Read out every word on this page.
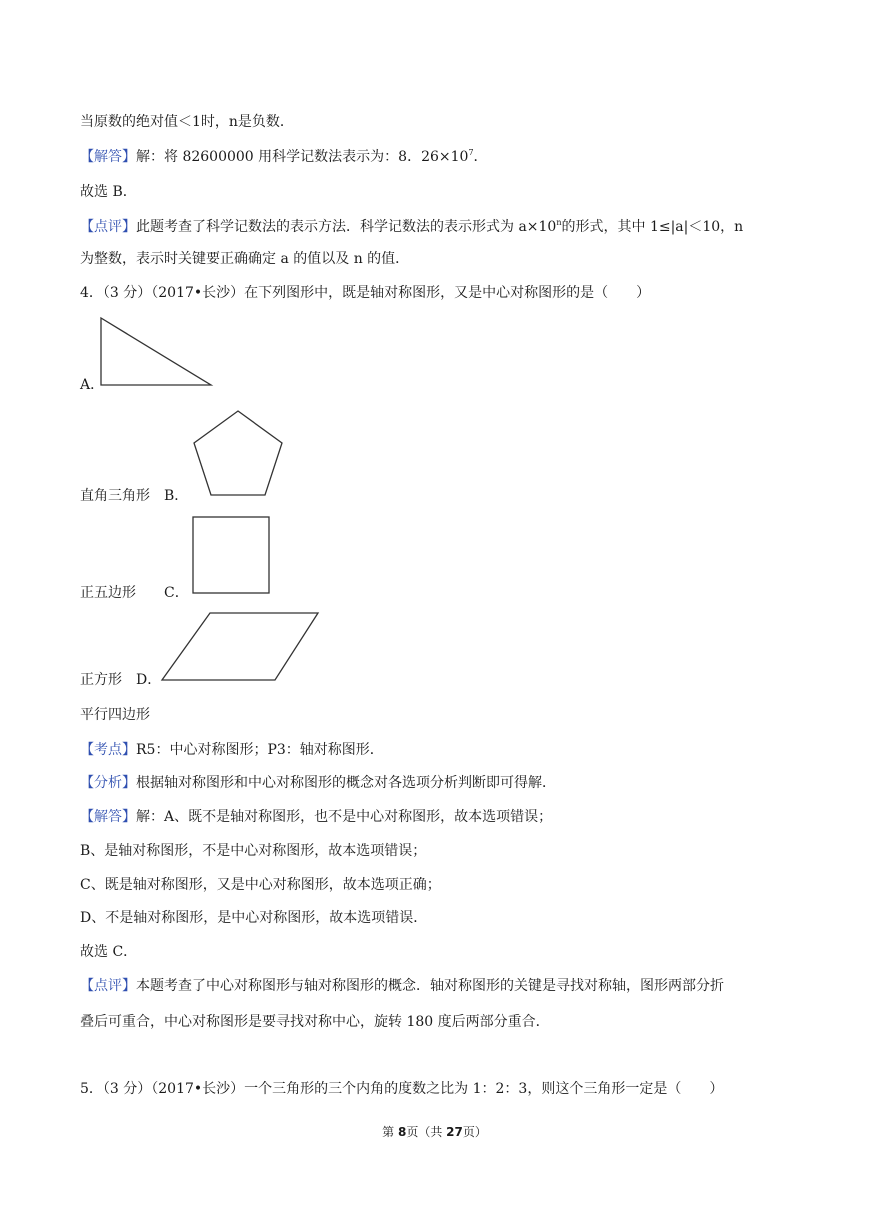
当原数的绝对值＜1时，n是负数．
【解答】解：将 82600000 用科学记数法表示为：8．$26\times 10^7$．
故选 B．
【点评】此题考查了科学记数法的表示方法．科学记数法的表示形式为 $a\times 10^n$的形式，其中 1≤|a|＜10，n
为整数，表示时关键要正确确定 a 的值以及 n 的值．
4．（3 分）（2017•长沙）在下列图形中，既是轴对称图形，又是中心对称图形的是（　　）
A．
直角三角形　B．
正五边形　　C．
正方形　D．
平行四边形
【考点】R5：中心对称图形；P3：轴对称图形．
【分析】根据轴对称图形和中心对称图形的概念对各选项分析判断即可得解．
【解答】解：A、既不是轴对称图形，也不是中心对称图形，故本选项错误；
B、是轴对称图形，不是中心对称图形，故本选项错误；
C、既是轴对称图形，又是中心对称图形，故本选项正确；
D、不是轴对称图形，是中心对称图形，故本选项错误．
故选 C．
【点评】本题考查了中心对称图形与轴对称图形的概念．轴对称图形的关键是寻找对称轴，图形两部分折
叠后可重合，中心对称图形是要寻找对称中心，旋转 180 度后两部分重合．
5．（3 分）（2017•长沙）一个三角形的三个内角的度数之比为 1：2：3，则这个三角形一定是（　　）
第 8页（共 27页）
